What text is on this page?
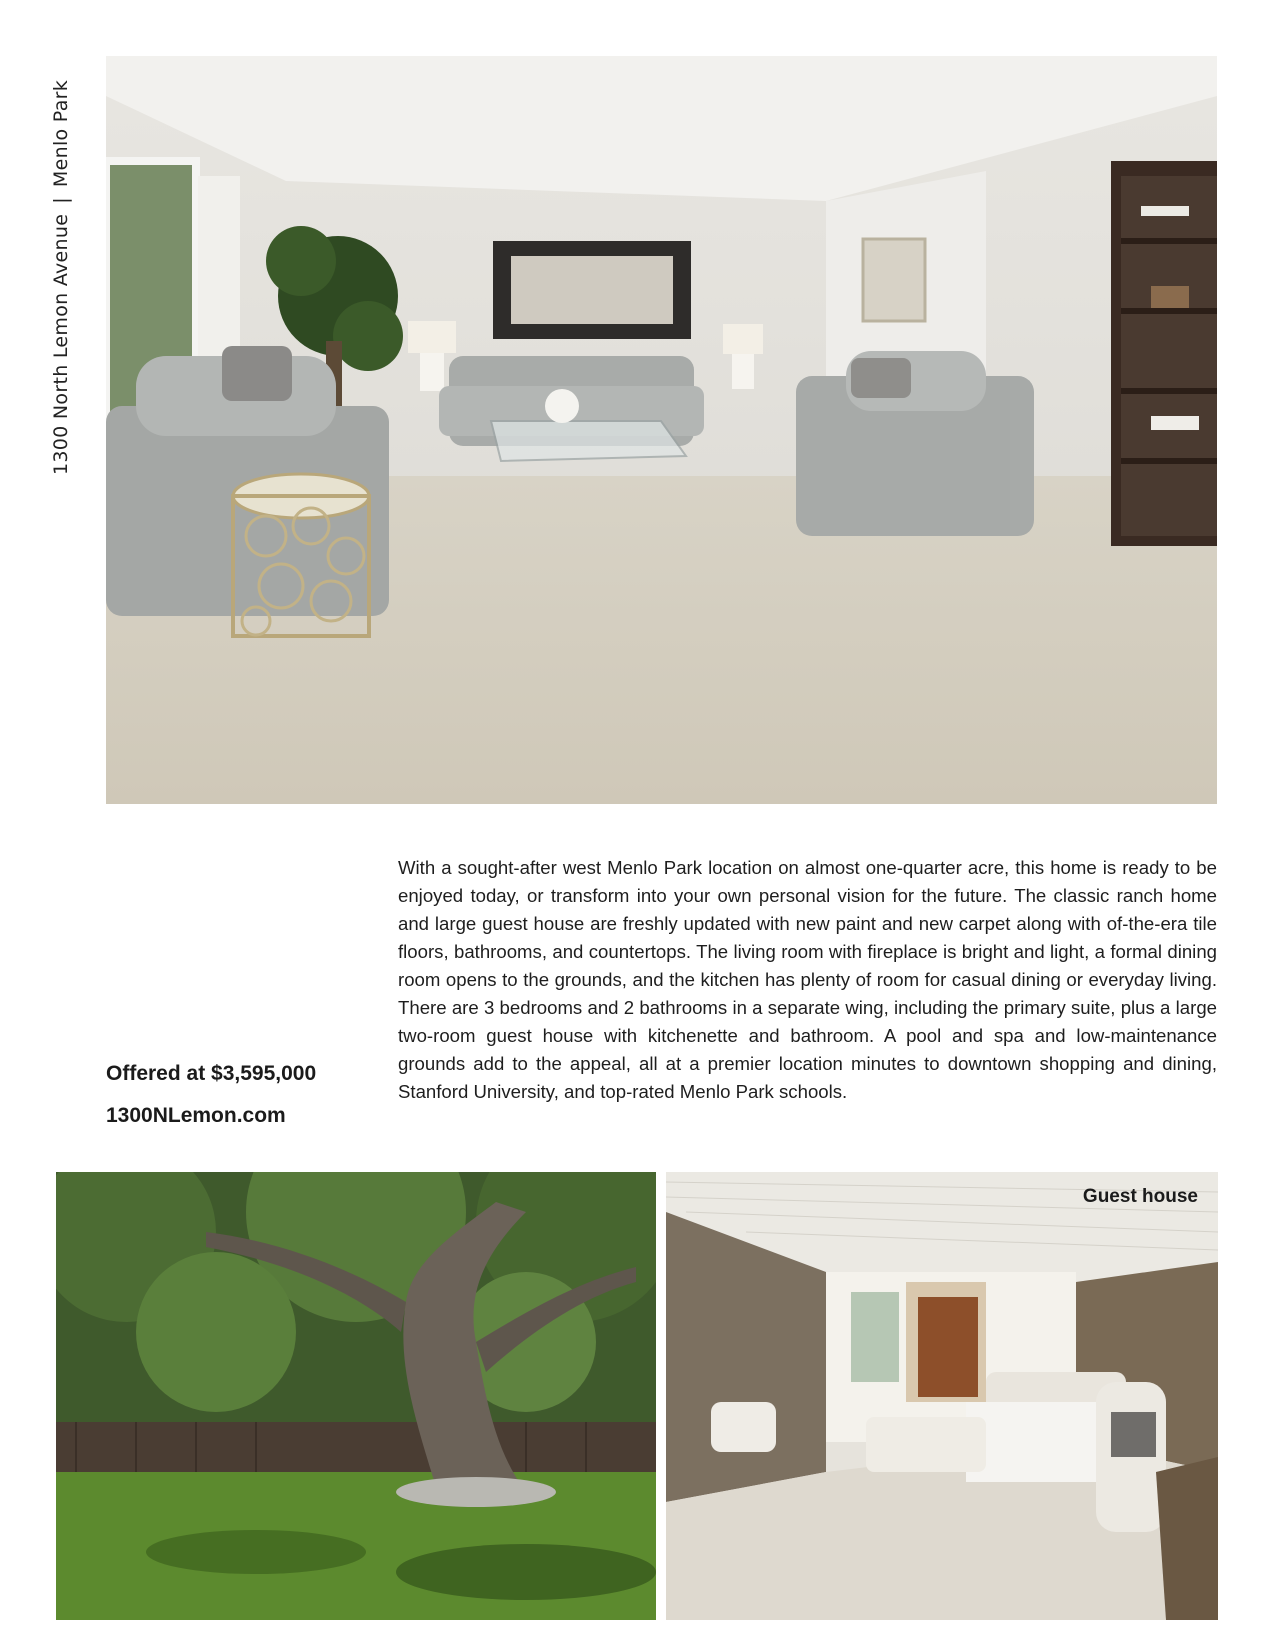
1300 North Lemon Avenue|Menlo Park
Offered at $3,595,000
1300NLemon.com

With a sought-after west Menlo Park location on almost one-quarter acre, this home is ready to be enjoyed today, or transform into your own personal vision for the future. The classic ranch home and large guest house are freshly updated with new paint and new carpet along with of-the-era tile floors, bathrooms, and countertops. The living room with fireplace is bright and light, a formal dining room opens to the grounds, and the kitchen has plenty of room for casual dining or everyday living. There are 3 bedrooms and 2 bathrooms in a separate wing, including the primary suite, plus a large two-room guest house with kitchenette and bathroom. A pool and spa and low-maintenance grounds add to the appeal, all at a premier location minutes to downtown shopping and dining, Stanford University, and top-rated Menlo Park schools.

Guest house
